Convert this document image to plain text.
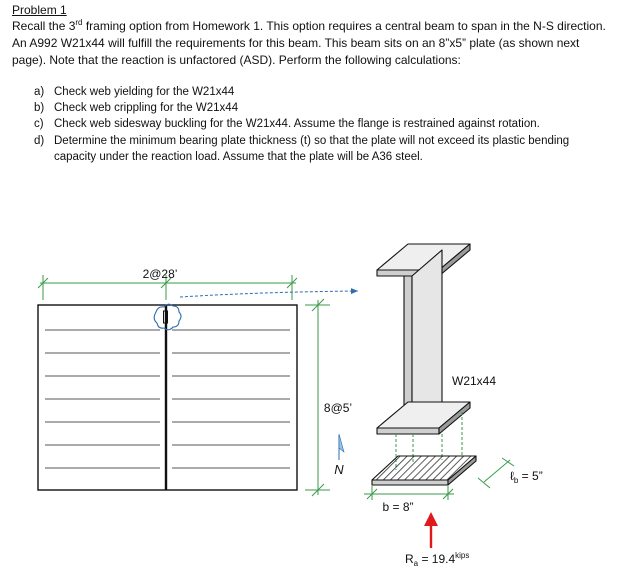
Problem 1
Recall the 3rd framing option from Homework 1. This option requires a central beam to span in the N-S direction. An A992 W21x44 will fulfill the requirements for this beam. This beam sits on an 8”x5” plate (as shown next page). Note that the reaction is unfactored (ASD). Perform the following calculations:
a) Check web yielding for the W21x44
b) Check web crippling for the W21x44
c) Check web sidesway buckling for the W21x44. Assume the flange is restrained against rotation.
d) Determine the minimum bearing plate thickness (t) so that the plate will not exceed its plastic bending capacity under the reaction load. Assume that the plate will be A36 steel.
2@28’
8@5’
N
W21x44
b = 8”
ℓ$_b$ = 5”
$R_a = 19.4^{kips}$
